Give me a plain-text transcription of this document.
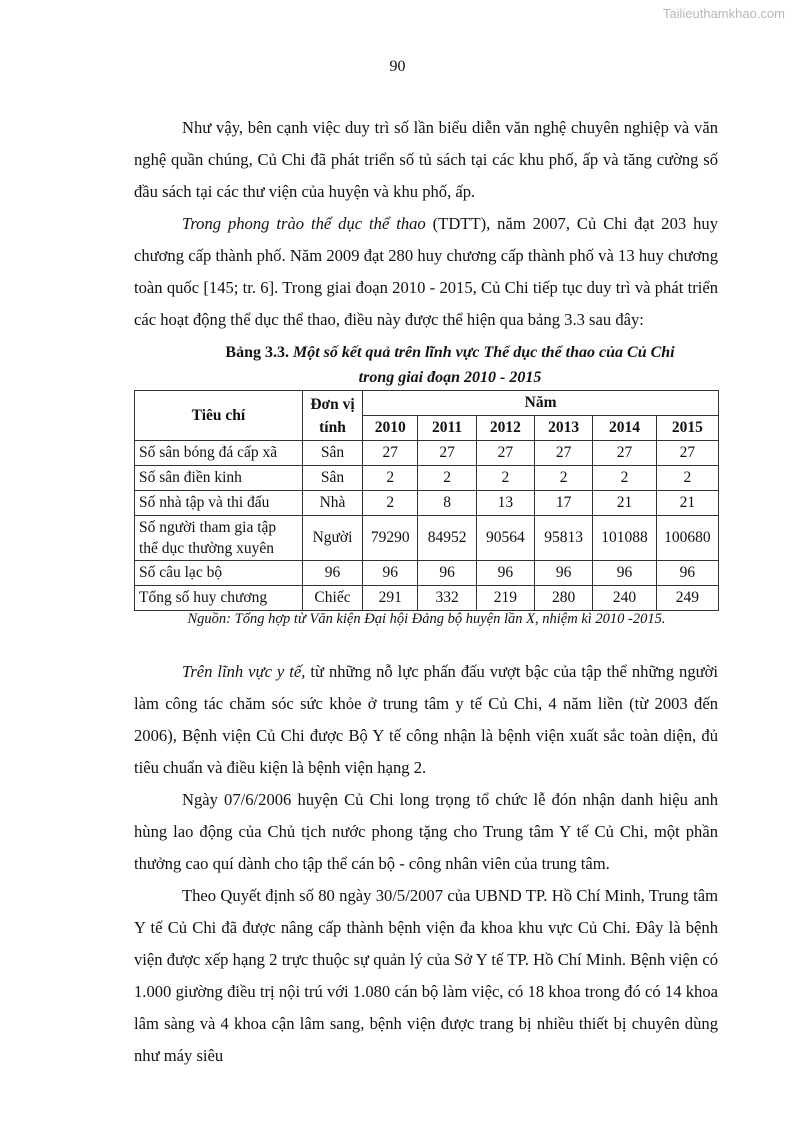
Tailieuthamkhao.com
90

Như vậy, bên cạnh việc duy trì số lần biểu diễn văn nghệ chuyên nghiệp và văn nghệ quần chúng, Củ Chi đã phát triển số tủ sách tại các khu phố, ấp và tăng cường số đầu sách tại các thư viện của huyện và khu phố, ấp.

Trong phong trào thể dục thể thao (TDTT), năm 2007, Củ Chi đạt 203 huy chương cấp thành phố. Năm 2009 đạt 280 huy chương cấp thành phố và 13 huy chương toàn quốc [145; tr. 6]. Trong giai đoạn 2010 - 2015, Củ Chi tiếp tục duy trì và phát triển các hoạt động thể dục thể thao, điều này được thể hiện qua bảng 3.3 sau đây:

Bảng 3.3. Một số kết quả trên lĩnh vực Thể dục thể thao của Củ Chi

trong giai đoạn 2010 - 2015

Tiêu chí	Đơn vị tính	Năm					
		2010	2011	2012	2013	2014	2015
Số sân bóng đá cấp xã	Sân	27	27	27	27	27	27
Số sân điền kinh	Sân	2	2	2	2	2	2
Số nhà tập và thi đấu	Nhà	2	8	13	17	21	21
Số người tham gia tập thể dục thường xuyên	Người	79290	84952	90564	95813	101088	100680
Số câu lạc bộ	96	96	96	96	96	96	96
Tổng số huy chương	Chiếc	291	332	219	280	240	249
Nguồn: Tổng hợp từ Văn kiện Đại hội Đảng bộ huyện lần X, nhiệm kì 2010 -2015.

Trên lĩnh vực y tế, từ những nỗ lực phấn đấu vượt bậc của tập thể những người làm công tác chăm sóc sức khỏe ở trung tâm y tế Củ Chi, 4 năm liền (từ 2003 đến 2006), Bệnh viện Củ Chi được Bộ Y tế công nhận là bệnh viện xuất sắc toàn diện, đủ tiêu chuẩn và điều kiện là bệnh viện hạng 2.

Ngày 07/6/2006 huyện Củ Chi long trọng tổ chức lễ đón nhận danh hiệu anh hùng lao động của Chủ tịch nước phong tặng cho Trung tâm Y tế Củ Chi, một phần thưởng cao quí dành cho tập thể cán bộ - công nhân viên của trung tâm.

Theo Quyết định số 80 ngày 30/5/2007 của UBND TP. Hồ Chí Minh, Trung tâm Y tế Củ Chi đã được nâng cấp thành bệnh viện đa khoa khu vực Củ Chi. Đây là bệnh viện được xếp hạng 2 trực thuộc sự quản lý của Sở Y tế TP. Hồ Chí Minh. Bệnh viện có 1.000 giường điều trị nội trú với 1.080 cán bộ làm việc, có 18 khoa trong đó có 14 khoa lâm sàng và 4 khoa cận lâm sang, bệnh viện được trang bị nhiều thiết bị chuyên dùng như máy siêu
